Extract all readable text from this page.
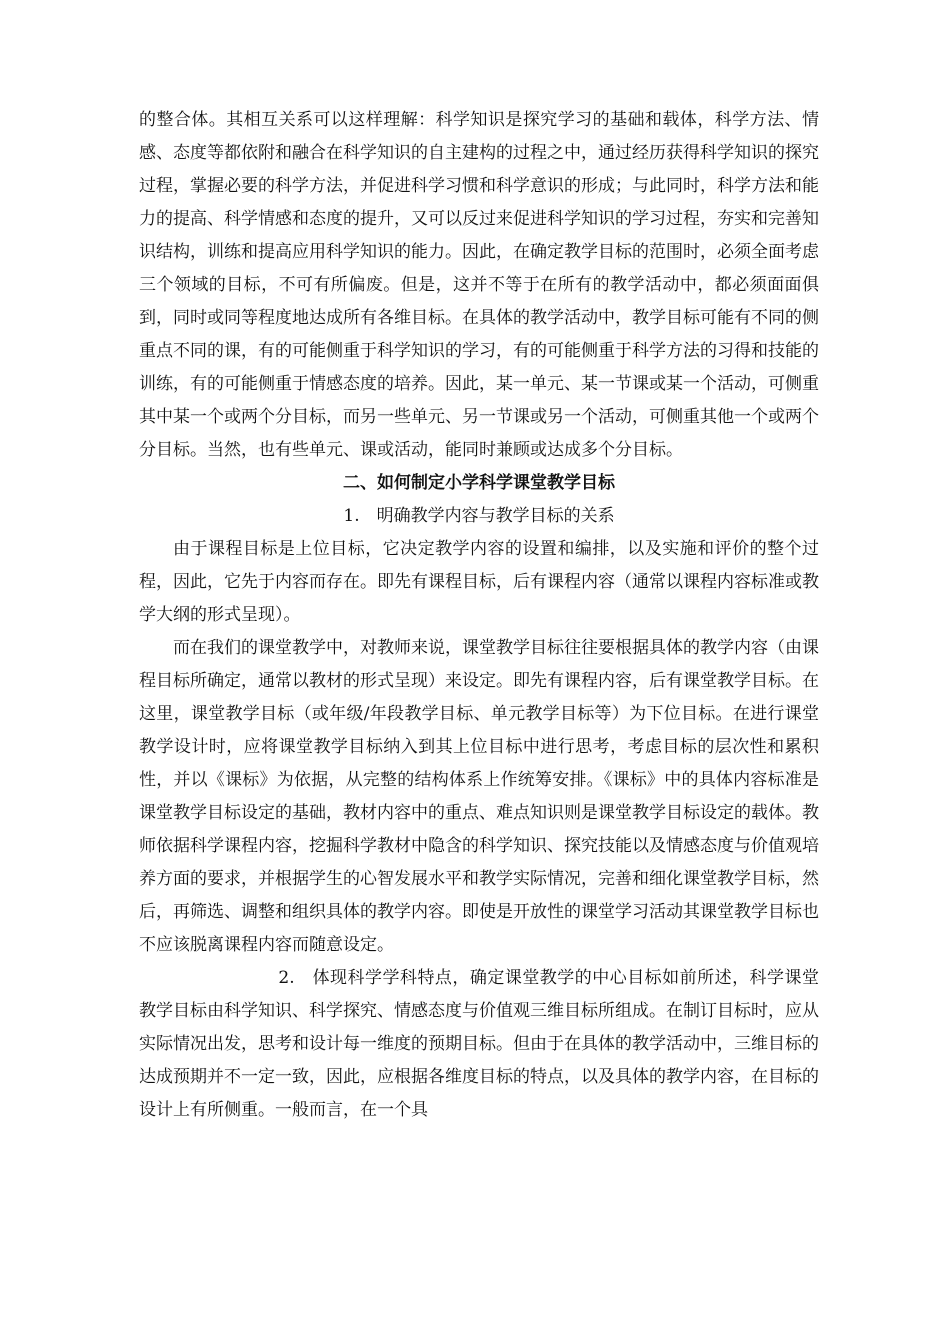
的整合体。其相互关系可以这样理解：科学知识是探究学习的基础和载体，科学方法、情感、态度等都依附和融合在科学知识的自主建构的过程之中，通过经历获得科学知识的探究过程，掌握必要的科学方法，并促进科学习惯和科学意识的形成；与此同时，科学方法和能力的提高、科学情感和态度的提升，又可以反过来促进科学知识的学习过程，夯实和完善知识结构，训练和提高应用科学知识的能力。因此，在确定教学目标的范围时，必须全面考虑三个领域的目标，不可有所偏废。但是，这并不等于在所有的教学活动中，都必须面面俱到，同时或同等程度地达成所有各维目标。在具体的教学活动中，教学目标可能有不同的侧重点不同的课，有的可能侧重于科学知识的学习，有的可能侧重于科学方法的习得和技能的训练，有的可能侧重于情感态度的培养。因此，某一单元、某一节课或某一个活动，可侧重其中某一个或两个分目标，而另一些单元、另一节课或另一个活动，可侧重其他一个或两个分目标。当然，也有些单元、课或活动，能同时兼顾或达成多个分目标。

二、如何制定小学科学课堂教学目标

1.　明确教学内容与教学目标的关系

由于课程目标是上位目标，它决定教学内容的设置和编排，以及实施和评价的整个过程，因此，它先于内容而存在。即先有课程目标，后有课程内容（通常以课程内容标准或教学大纲的形式呈现）。

而在我们的课堂教学中，对教师来说，课堂教学目标往往要根据具体的教学内容（由课程目标所确定，通常以教材的形式呈现）来设定。即先有课程内容，后有课堂教学目标。在这里，课堂教学目标（或年级/年段教学目标、单元教学目标等）为下位目标。在进行课堂教学设计时，应将课堂教学目标纳入到其上位目标中进行思考，考虑目标的层次性和累积性，并以《课标》为依据，从完整的结构体系上作统筹安排。《课标》中的具体内容标准是课堂教学目标设定的基础，教材内容中的重点、难点知识则是课堂教学目标设定的载体。教师依据科学课程内容，挖掘科学教材中隐含的科学知识、探究技能以及情感态度与价值观培养方面的要求，并根据学生的心智发展水平和教学实际情况，完善和细化课堂教学目标，然后，再筛选、调整和组织具体的教学内容。即使是开放性的课堂学习活动其课堂教学目标也不应该脱离课程内容而随意设定。

2.　体现科学学科特点，确定课堂教学的中心目标如前所述，科学课堂教学目标由科学知识、科学探究、情感态度与价值观三维目标所组成。在制订目标时，应从实际情况出发，思考和设计每一维度的预期目标。但由于在具体的教学活动中，三维目标的达成预期并不一定一致，因此，应根据各维度目标的特点，以及具体的教学内容，在目标的设计上有所侧重。一般而言，在一个具
